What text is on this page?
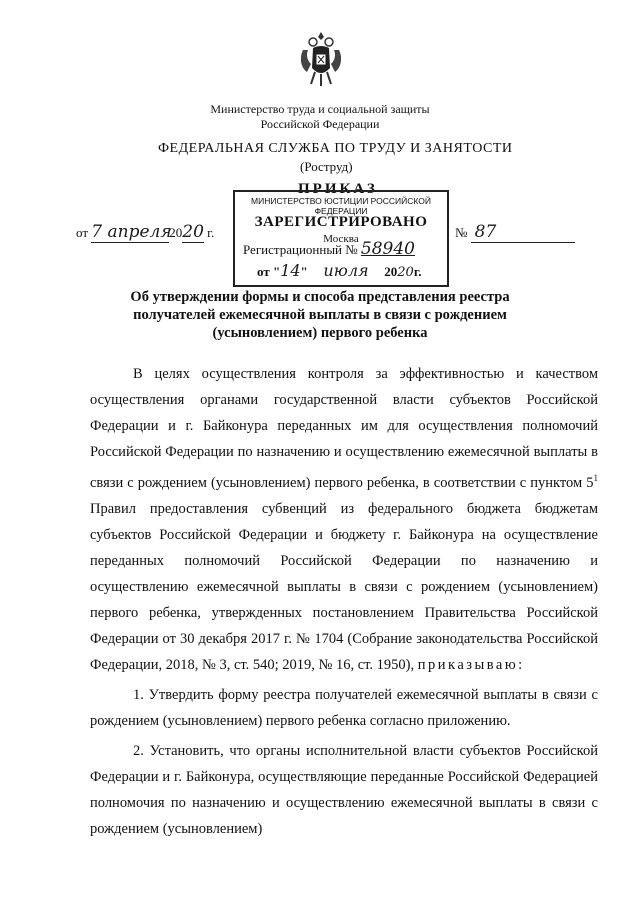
Министерство труда и социальной защиты
Российской Федерации
ФЕДЕРАЛЬНАЯ СЛУЖБА ПО ТРУДУ И ЗАНЯТОСТИ
(Роструд)
ПРИКАЗ
МИНИСТЕРСТВО ЮСТИЦИИ РОССИЙСКОЙ ФЕДЕРАЦИИ
ЗАРЕГИСТРИРОВАНО
Москва
Регистрационный № 58940
от "14" июля 2020г.
от 7 апреля2020 г.	№ 87
Об утверждении формы и способа представления реестра
получателей ежемесячной выплаты в связи с рождением
(усыновлением) первого ребенка

В целях осуществления контроля за эффективностью и качеством осуществления органами государственной власти субъектов Российской Федерации и г. Байконура переданных им для осуществления полномочий Российской Федерации по назначению и осуществлению ежемесячной выплаты в связи с рождением (усыновлением) первого ребенка, в соответствии с пунктом $5^1$ Правил предоставления субвенций из федерального бюджета бюджетам субъектов Российской Федерации и бюджету г. Байконура на осуществление переданных полномочий Российской Федерации по назначению и осуществлению ежемесячной выплаты в связи с рождением (усыновлением) первого ребенка, утвержденных постановлением Правительства Российской Федерации от 30 декабря 2017 г. № 1704 (Собрание законодательства Российской Федерации, 2018, № 3, ст. 540; 2019, № 16, ст. 1950), приказываю:

1. Утвердить форму реестра получателей ежемесячной выплаты в связи с рождением (усыновлением) первого ребенка согласно приложению.

2. Установить, что органы исполнительной власти субъектов Российской Федерации и г. Байконура, осуществляющие переданные Российской Федерацией полномочия по назначению и осуществлению ежемесячной выплаты в связи с рождением (усыновлением)
